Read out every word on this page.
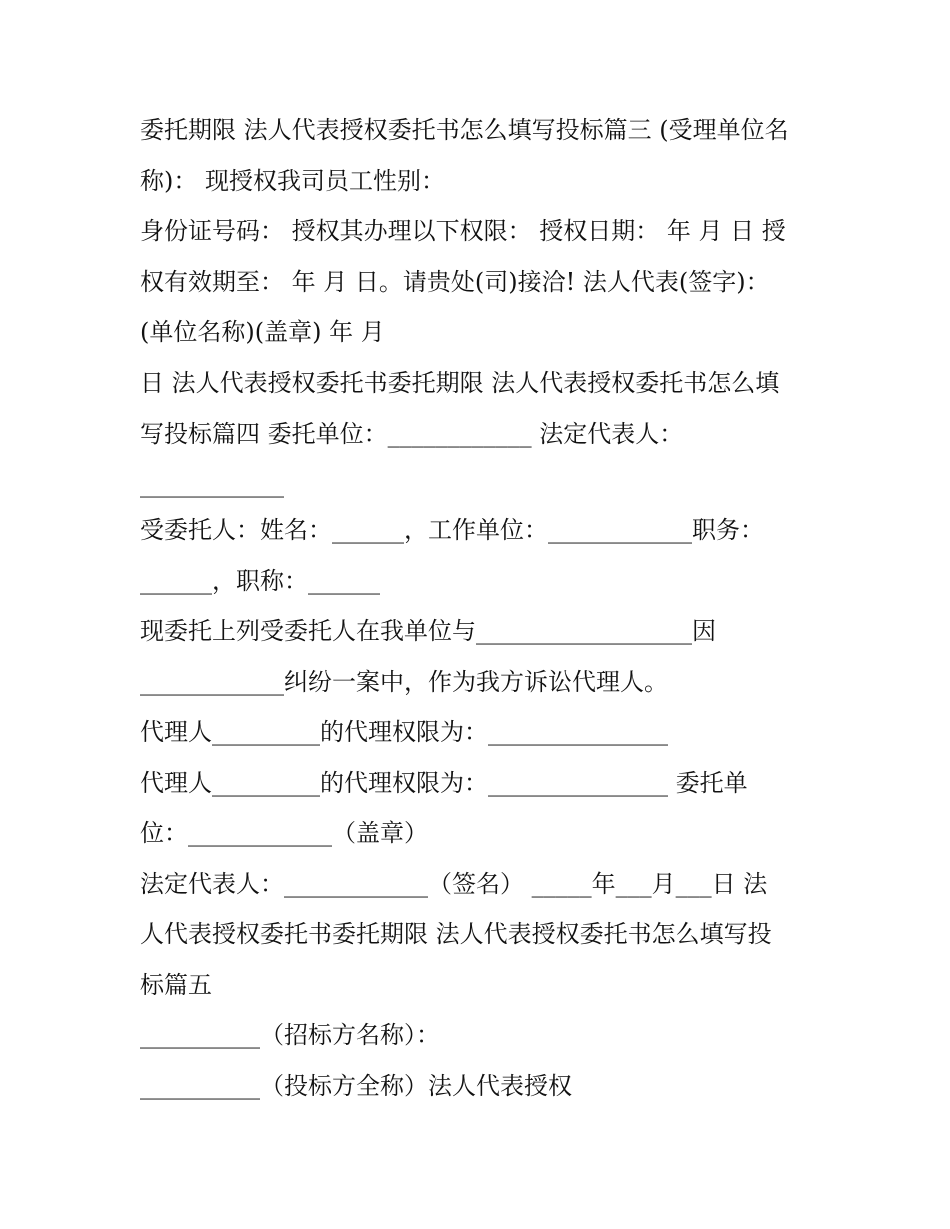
委托期限 法人代表授权委托书怎么填写投标篇三 (受理单位名
称)： 现授权我司员工性别：
身份证号码： 授权其办理以下权限： 授权日期： 年 月 日 授
权有效期至： 年 月 日。请贵处(司)接洽! 法人代表(签字)：
(单位名称)(盖章) 年 月
日 法人代表授权委托书委托期限 法人代表授权委托书怎么填
写投标篇四 委托单位：____________ 法定代表人：
____________
受委托人：姓名：______，工作单位：____________职务：
______，职称：______
现委托上列受委托人在我单位与__________________因
____________纠纷一案中，作为我方诉讼代理人。
代理人_________的代理权限为：_______________
代理人_________的代理权限为：_______________ 委托单
位：____________（盖章）
法定代表人：____________（签名） _____年___月___日 法
人代表授权委托书委托期限 法人代表授权委托书怎么填写投
标篇五
__________（招标方名称）：
__________（投标方全称）法人代表授权
